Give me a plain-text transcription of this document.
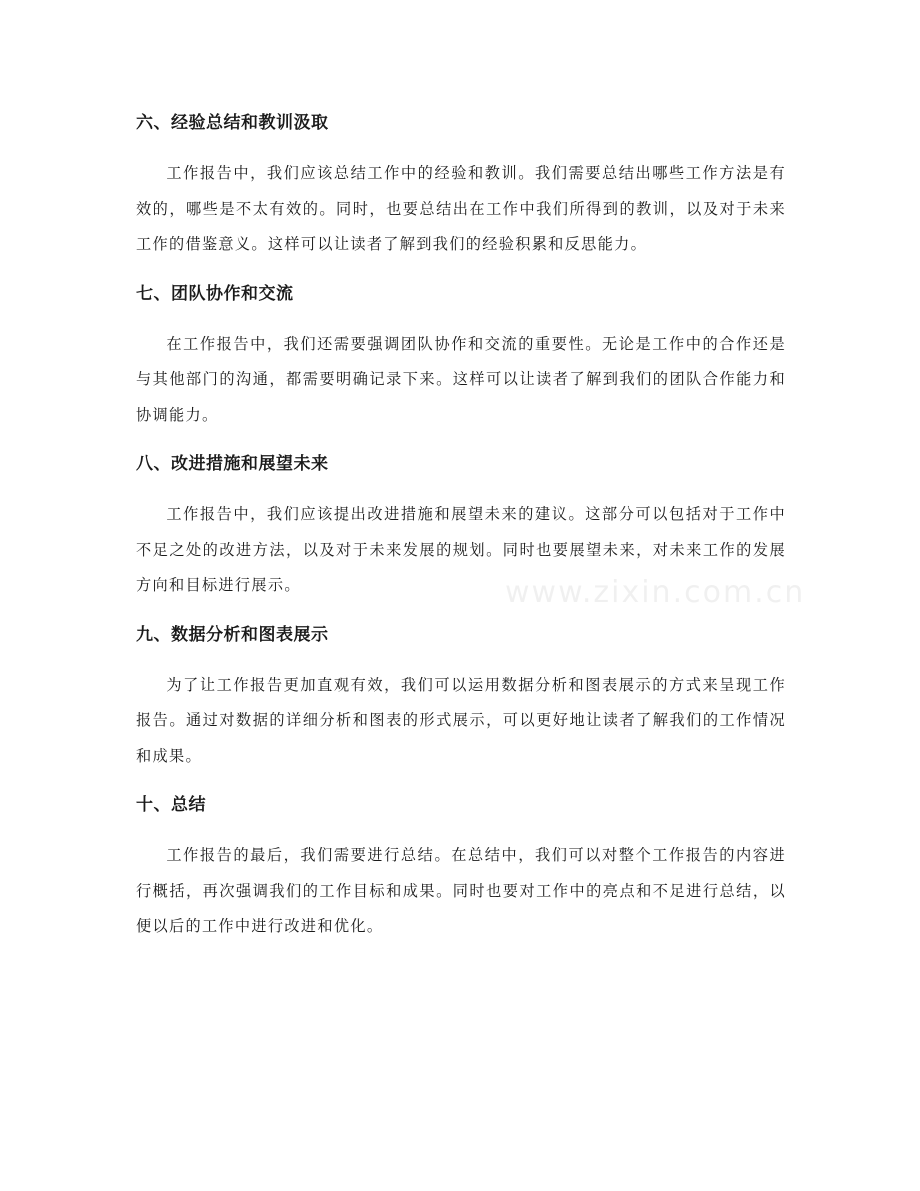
六、经验总结和教训汲取

工作报告中，我们应该总结工作中的经验和教训。我们需要总结出哪些工作方法是有效的，哪些是不太有效的。同时，也要总结出在工作中我们所得到的教训，以及对于未来工作的借鉴意义。这样可以让读者了解到我们的经验积累和反思能力。

七、团队协作和交流

在工作报告中，我们还需要强调团队协作和交流的重要性。无论是工作中的合作还是与其他部门的沟通，都需要明确记录下来。这样可以让读者了解到我们的团队合作能力和协调能力。

八、改进措施和展望未来

工作报告中，我们应该提出改进措施和展望未来的建议。这部分可以包括对于工作中不足之处的改进方法，以及对于未来发展的规划。同时也要展望未来，对未来工作的发展方向和目标进行展示。

九、数据分析和图表展示

为了让工作报告更加直观有效，我们可以运用数据分析和图表展示的方式来呈现工作报告。通过对数据的详细分析和图表的形式展示，可以更好地让读者了解我们的工作情况和成果。

十、总结

工作报告的最后，我们需要进行总结。在总结中，我们可以对整个工作报告的内容进行概括，再次强调我们的工作目标和成果。同时也要对工作中的亮点和不足进行总结，以便以后的工作中进行改进和优化。

www.zixin.com.cn
